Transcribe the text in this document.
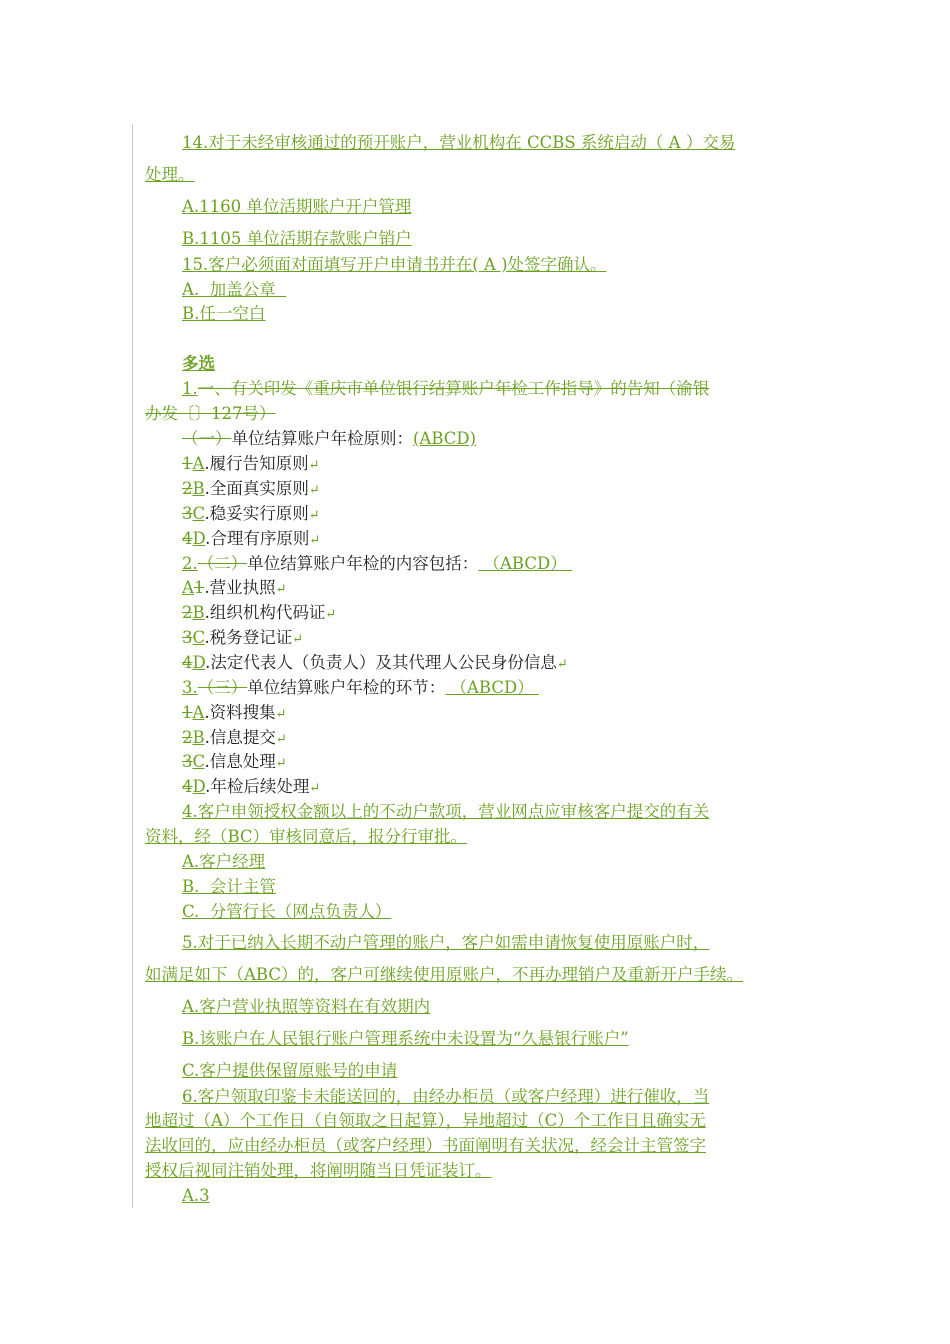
14.对于未经审核通过的预开账户，营业机构在 CCBS 系统启动（ A ）交易
处理。
A.1160 单位活期账户开户管理
B.1105 单位活期存款账户销户
15.客户必须面对面填写开户申请书并在( A )处签字确认。
A.  加盖公章
B.任一空白
多选
1.一、有关印发《重庆市单位银行结算账户年检工作指导》的告知（渝银
办发〔〕127号）
（一）单位结算账户年检原则：(ABCD)
1A.履行告知原则↵
2B.全面真实原则↵
3C.稳妥实行原则↵
4D.合理有序原则↵
2.（二）单位结算账户年检的内容包括： （ABCD）
A1.营业执照↵
2B.组织机构代码证↵
3C.税务登记证↵
4D.法定代表人（负责人）及其代理人公民身份信息↵
3.（三）单位结算账户年检的环节： （ABCD）
1A.资料搜集↵
2B.信息提交↵
3C.信息处理↵
4D.年检后续处理↵
4.客户申领授权金额以上的不动户款项，营业网点应审核客户提交的有关
资料，经（BC）审核同意后，报分行审批。
A.客户经理
B.  会计主管
C.  分管行长（网点负责人）
5.对于已纳入长期不动户管理的账户，客户如需申请恢复使用原账户时，
如满足如下（ABC）的，客户可继续使用原账户，不再办理销户及重新开户手续。
A.客户营业执照等资料在有效期内
B.该账户在人民银行账户管理系统中未设置为“久悬银行账户”
C.客户提供保留原账号的申请
6.客户领取印鉴卡未能送回的，由经办柜员（或客户经理）进行催收，当
地超过（A）个工作日（自领取之日起算），异地超过（C）个工作日且确实无
法收回的，应由经办柜员（或客户经理）书面阐明有关状况，经会计主管签字
授权后视同注销处理，将阐明随当日凭证装订。
A.3
